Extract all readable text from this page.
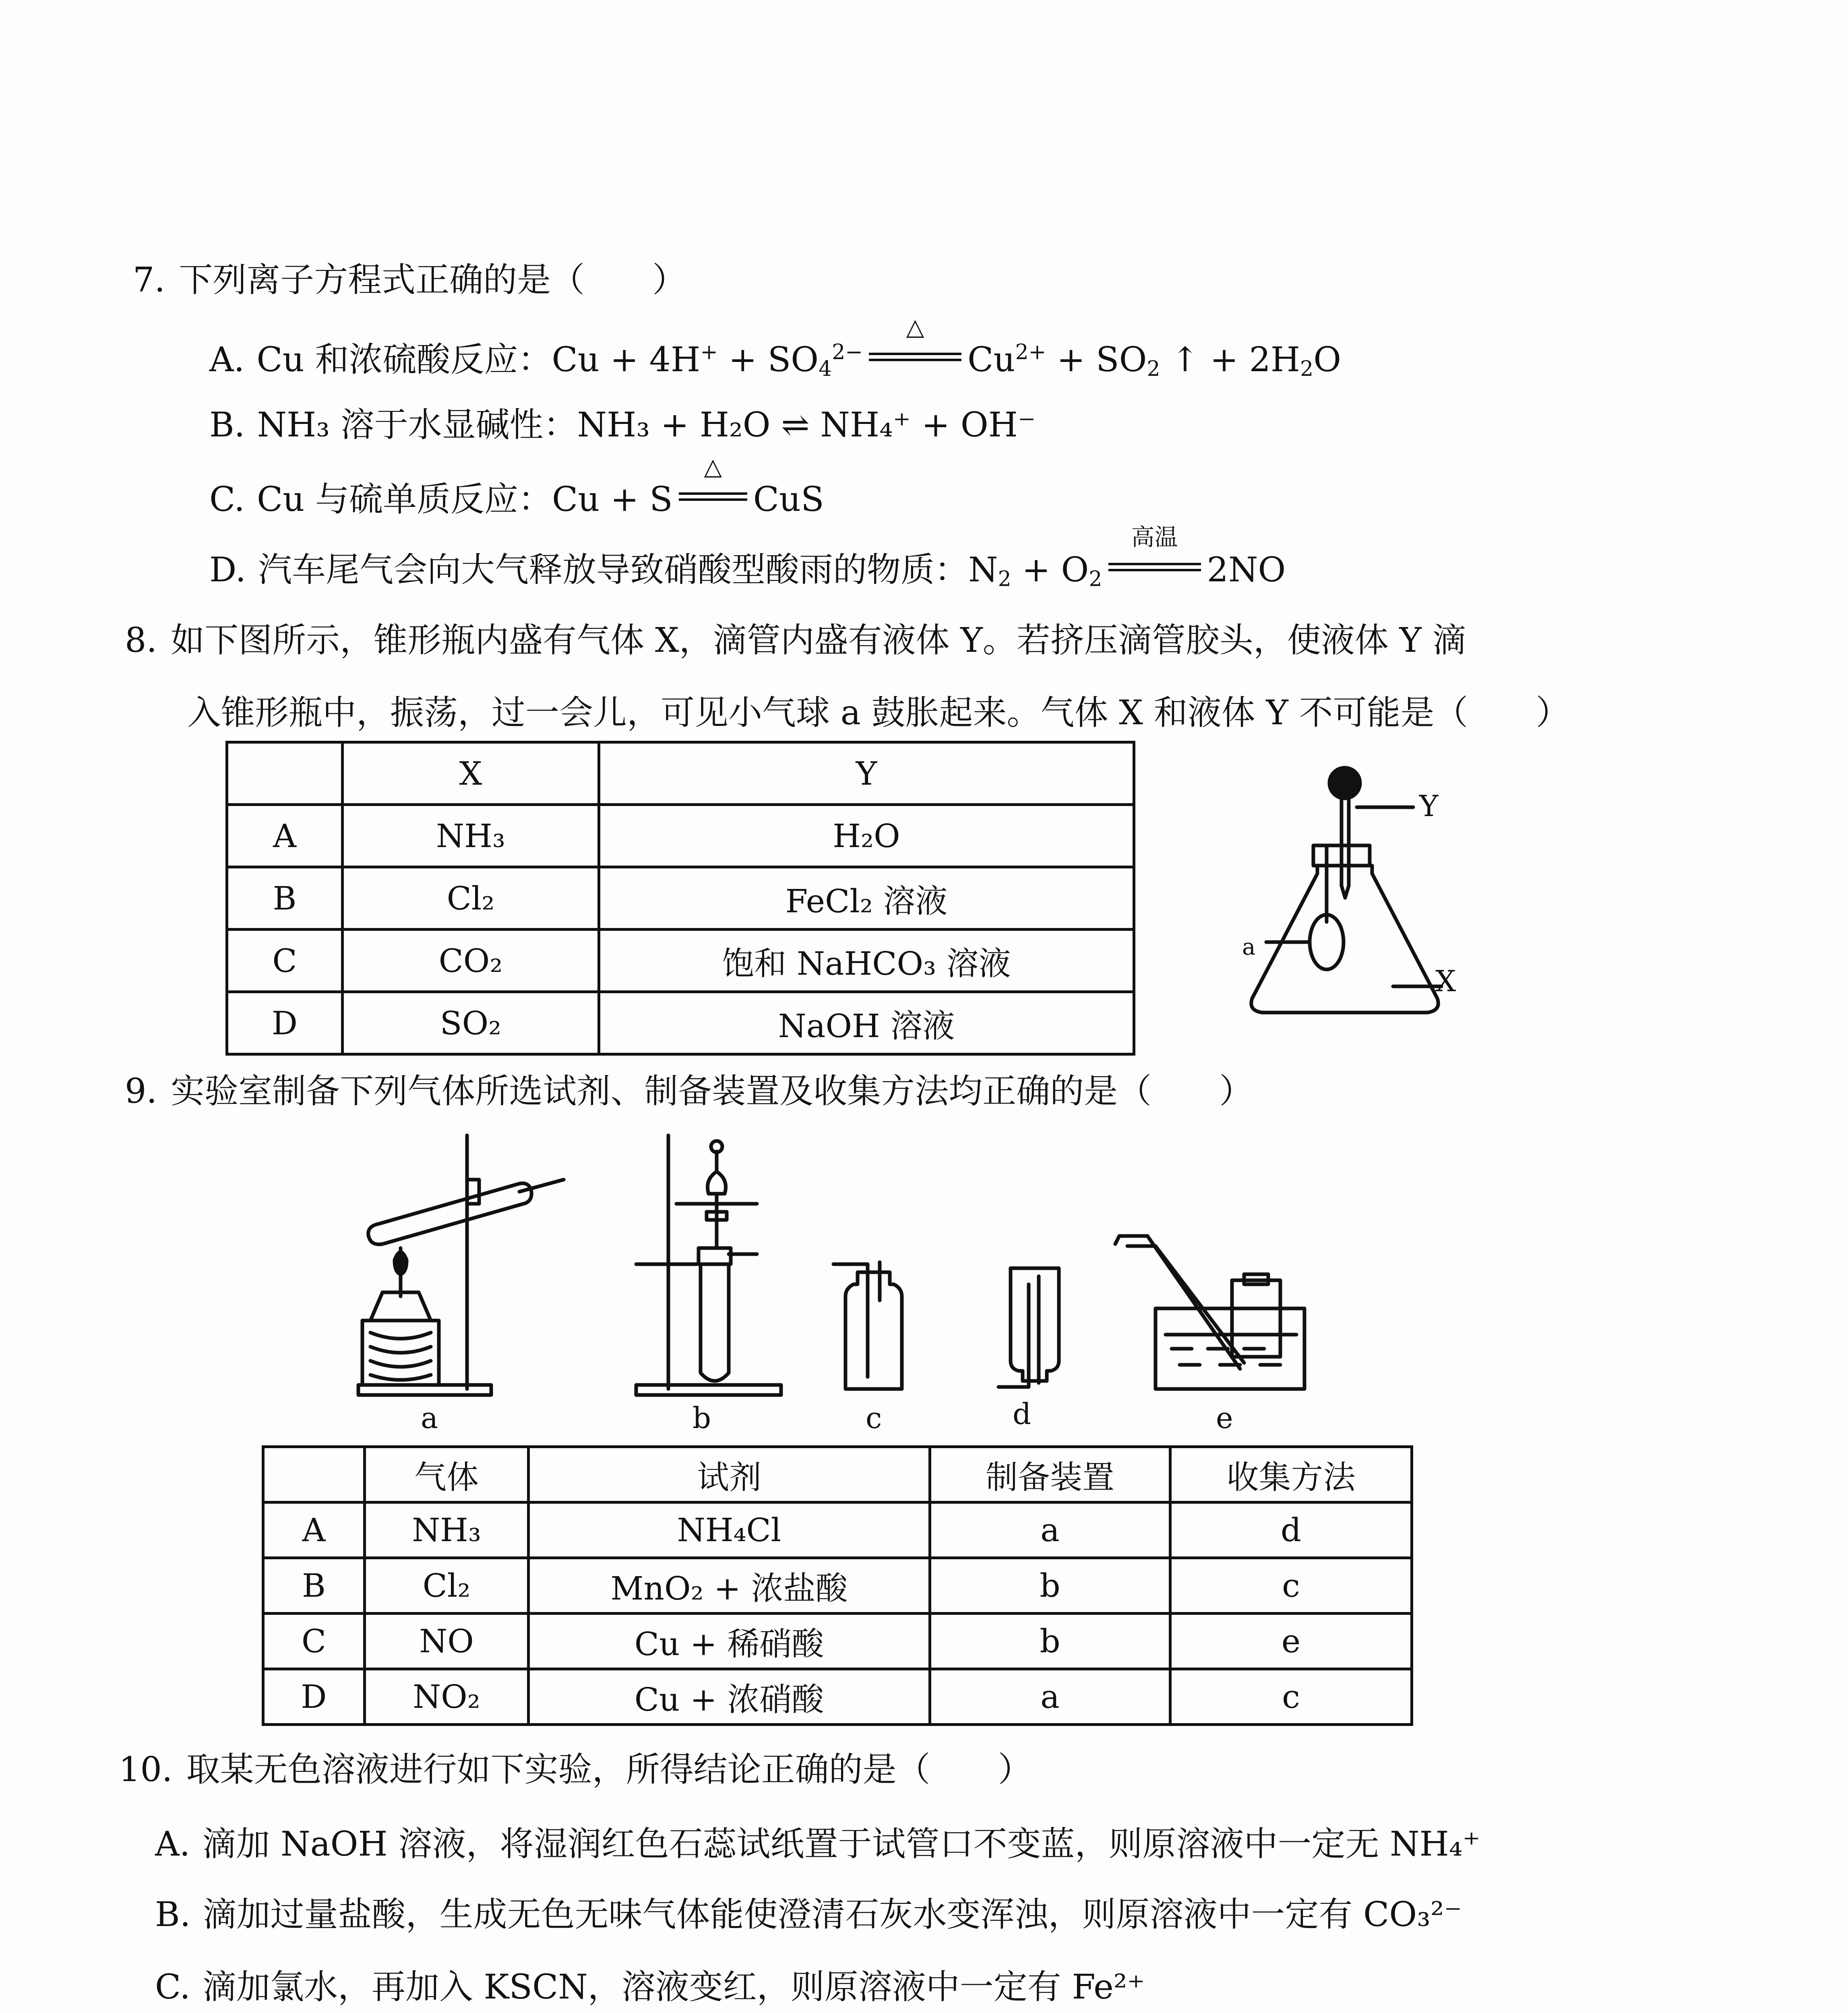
7. 下列离子方程式正确的是（　　）
A. Cu 和浓硫酸反应：$Cu + 4H^+ + SO_4^{2-}$
△
$Cu^{2+} + SO_2$ ↑ + $2H_2O$
B. NH₃ 溶于水显碱性：NH₃ + H₂O ⇌ NH₄⁺ + OH⁻
C. Cu 与硫单质反应：Cu + S
△
CuS
D. 汽车尾气会向大气释放导致硝酸型酸雨的物质：$N_2 + O_2$
高温
2NO
8. 如下图所示，锥形瓶内盛有气体 X，滴管内盛有液体 Y。若挤压滴管胶头，使液体 Y 滴
入锥形瓶中，振荡，过一会儿，可见小气球 a 鼓胀起来。气体 X 和液体 Y 不可能是（　　）
	X	Y
A	NH₃	H₂O
B	Cl₂	FeCl₂ 溶液
C	CO₂	饱和 NaHCO₃ 溶液
D	SO₂	NaOH 溶液
Y
a
X
9. 实验室制备下列气体所选试剂、制备装置及收集方法均正确的是（　　）
a	b	c	d	e
	气体	试剂	制备装置	收集方法
A	NH₃	NH₄Cl	a	d
B	Cl₂	MnO₂ + 浓盐酸	b	c
C	NO	Cu + 稀硝酸	b	e
D	NO₂	Cu + 浓硝酸	a	c
10. 取某无色溶液进行如下实验，所得结论正确的是（　　）
A. 滴加 NaOH 溶液，将湿润红色石蕊试纸置于试管口不变蓝，则原溶液中一定无 NH₄⁺
B. 滴加过量盐酸，生成无色无味气体能使澄清石灰水变浑浊，则原溶液中一定有 CO₃²⁻
C. 滴加氯水，再加入 KSCN，溶液变红，则原溶液中一定有 Fe²⁺
